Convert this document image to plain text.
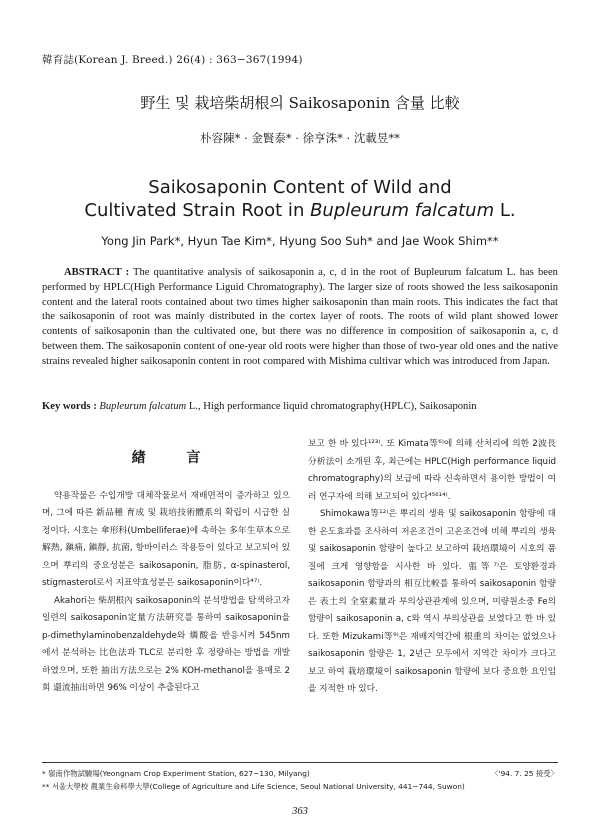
韓育誌(Korean J. Breed.) 26(4) : 363−367(1994)
野生 및 栽培柴胡根의 Saikosaponin 含量 比較
朴容陳* · 金賢泰* · 徐亨洙* · 沈載昱**
Saikosaponin Content of Wild and
Cultivated Strain Root in Bupleurum falcatum L.
Yong Jin Park*, Hyun Tae Kim*, Hyung Soo Suh* and Jae Wook Shim**
ABSTRACT : The quantitative analysis of saikosaponin a, c, d in the root of Bupleurum falcatum L. has been performed by HPLC(High Performance Liguid Chromatography). The larger size of roots showed the less saikosaponin content and the lateral roots contained about two times higher saikosaponin than main roots. This indicates the fact that the saikosaponin of root was mainly distributed in the cortex layer of roots. The roots of wild plant showed lower contents of saikosaponin than the cultivated one, but there was no difference in composition of saikosaponin a, c, d between them. The saikosaponin content of one-year old roots were higher than those of two-year old ones and the native strains revealed higher saikosaponin content in root compared with Mishima cultivar which was introduced from Japan.
Key words : Bupleurum falcatum L., High performance liquid chromatography(HPLC), Saikosaponin
緖 言

약용작물은 수입개방 대체작물로서 재배면적이 증가하고 있으며, 그에 따른 新品種 育成 및 栽培技術體系의 확립이 시급한 실정이다. 시호는 傘形科(Umbelliferae)에 속하는 多年生草本으로 解熱, 鎭痛, 鎭靜, 抗菌, 항바이러스 작용등이 있다고 보고되어 있으며 뿌리의 중요성분은 saikosaponin, 脂肪, α-spinasterol, stigmasterol로서 지표약효성분은 saikosaponin이다⁴⁷⁾.

Akahori는 柴胡根內 saikosaponin의 분석방법을 탐색하고자 일련의 saikosaponin定量方法硏究를 통하여 saikosaponin을 p-dimethylaminobenzaldehyde와 燐酸을 반응시켜 545nm에서 분석하는 比色法과 TLC로 분리한 후 정량하는 방법을 개발하였으며, 또한 抽出方法으로는 2% KOH-methanol을 용매로 2회 還流抽出하면 96% 이상이 추출된다고

보고 한 바 있다¹²³⁾. 또 Kimata等⁶⁾에 의해 산처리에 의한 2波長 分析法이 소개된 후, 최근에는 HPLC(High performance liquid chromatography)의 보급에 따라 신속하면서 용이한 방법이 여러 연구자에 의해 보고되어 있다⁴⁵⁶¹⁴⁾.

Shimokawa等¹²⁾은 뿌리의 생육 및 saikosaponin 함량에 대한 온도효과를 조사하여 저온조건이 고온조건에 비해 뿌리의 생육 및 saikosaponin 함량이 높다고 보고하여 栽培環境이 시호의 품질에 크게 영향함을 시사한 바 있다. 張等⁷⁾은 토양환경과 saikosaponin 함량과의 相互比較를 통하여 saikosaponin 함량은 表土의 全窒素量과 부의상관관계에 있으며, 미량원소중 Fe의 함량이 saikosaponin a, c와 역시 부의상관을 보였다고 한 바 있다. 또한 Mizukami等⁹⁾은 재배지역간에 根重의 차이는 없었으나 saikosaponin 함량은 1, 2년근 모두에서 지역간 차이가 크다고 보고 하여 栽培環境이 saikosaponin 함량에 보다 중요한 요인임을 지적한 바 있다.

* 嶺南作物試驗場(Yeongnam Crop Experiment Station, 627−130, Milyang)	〈'94. 7. 25 接受〉
** 서울大學校 農業生命科學大學(College of Agriculture and Life Science, Seoul National University, 441−744, Suwon)
363
